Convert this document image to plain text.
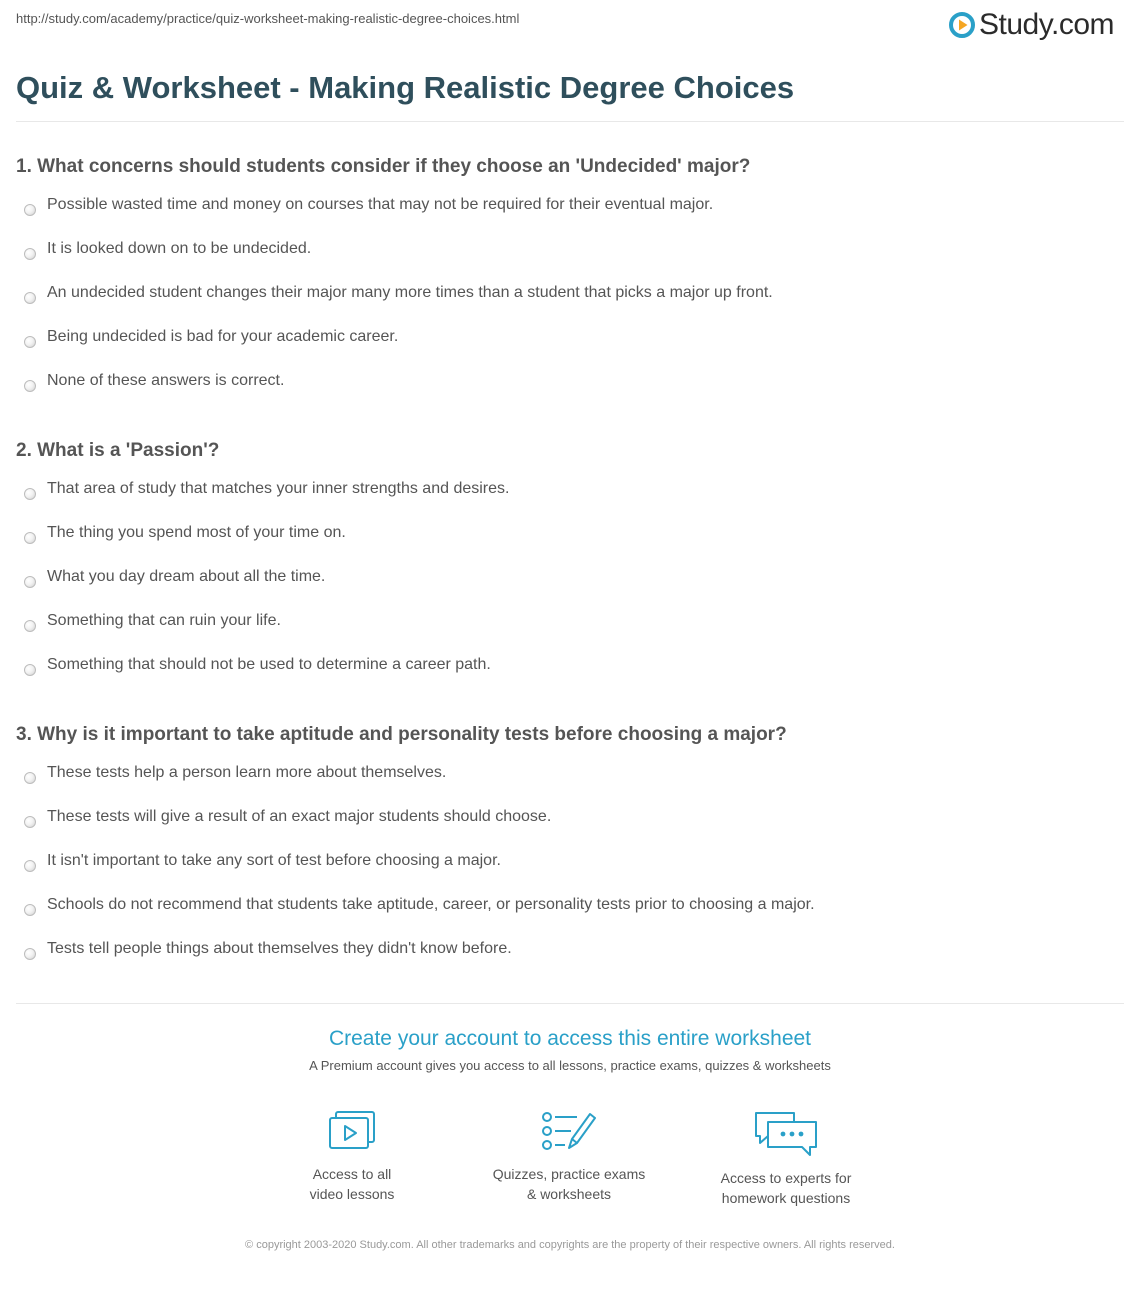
http://study.com/academy/practice/quiz-worksheet-making-realistic-degree-choices.html	Study.com
Quiz & Worksheet - Making Realistic Degree Choices
1. What concerns should students consider if they choose an 'Undecided' major?
Possible wasted time and money on courses that may not be required for their eventual major.
It is looked down on to be undecided.
An undecided student changes their major many more times than a student that picks a major up front.
Being undecided is bad for your academic career.
None of these answers is correct.
2. What is a 'Passion'?
That area of study that matches your inner strengths and desires.
The thing you spend most of your time on.
What you day dream about all the time.
Something that can ruin your life.
Something that should not be used to determine a career path.
3. Why is it important to take aptitude and personality tests before choosing a major?
These tests help a person learn more about themselves.
These tests will give a result of an exact major students should choose.
It isn't important to take any sort of test before choosing a major.
Schools do not recommend that students take aptitude, career, or personality tests prior to choosing a major.
Tests tell people things about themselves they didn't know before.
Create your account to access this entire worksheet
A Premium account gives you access to all lessons, practice exams, quizzes & worksheets
Access to all
video lessons
Quizzes, practice exams
& worksheets
Access to experts for
homework questions
© copyright 2003-2020 Study.com. All other trademarks and copyrights are the property of their respective owners. All rights reserved.
